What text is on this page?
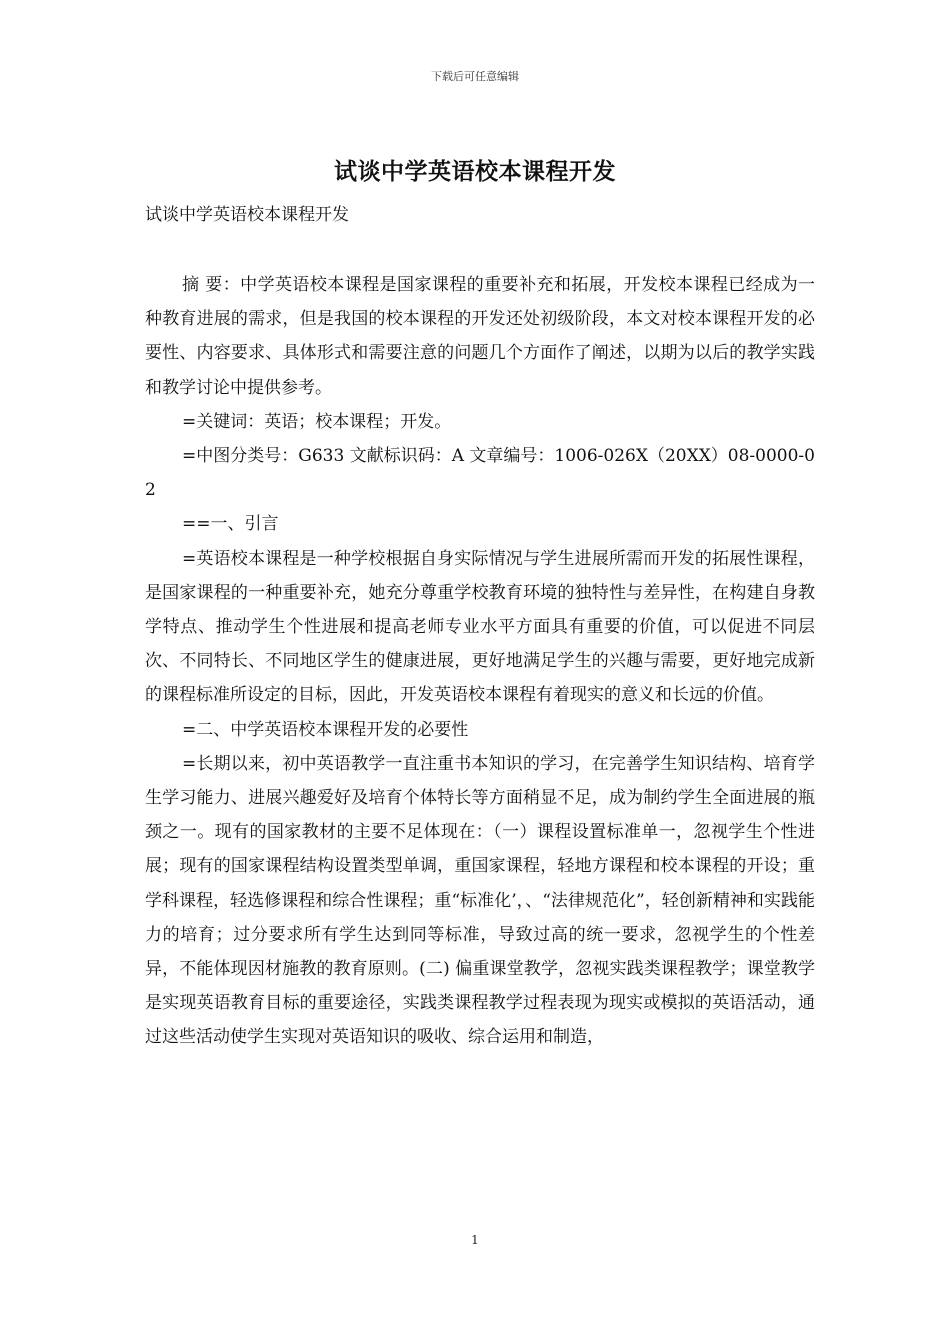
下载后可任意编辑
试谈中学英语校本课程开发
试谈中学英语校本课程开发

摘 要：中学英语校本课程是国家课程的重要补充和拓展，开发校本课程已经成为一种教育进展的需求，但是我国的校本课程的开发还处初级阶段，本文对校本课程开发的必要性、内容要求、具体形式和需要注意的问题几个方面作了阐述，以期为以后的教学实践和教学讨论中提供参考。

=关键词：英语；校本课程；开发。

=中图分类号：G633 文献标识码：A 文章编号：1006-026X（20XX）08-0000-02

==一、引言

=英语校本课程是一种学校根据自身实际情况与学生进展所需而开发的拓展性课程，是国家课程的一种重要补充，她充分尊重学校教育环境的独特性与差异性，在构建自身教学特点、推动学生个性进展和提高老师专业水平方面具有重要的价值，可以促进不同层次、不同特长、不同地区学生的健康进展，更好地满足学生的兴趣与需要，更好地完成新的课程标准所设定的目标，因此，开发英语校本课程有着现实的意义和长远的价值。

=二、中学英语校本课程开发的必要性

=长期以来，初中英语教学一直注重书本知识的学习，在完善学生知识结构、培育学生学习能力、进展兴趣爱好及培育个体特长等方面稍显不足，成为制约学生全面进展的瓶颈之一。现有的国家教材的主要不足体现在：（一）课程设置标准单一，忽视学生个性进展；现有的国家课程结构设置类型单调，重国家课程，轻地方课程和校本课程的开设；重学科课程，轻选修课程和综合性课程；重“标准化’，、“法律规范化”，轻创新精神和实践能力的培育；过分要求所有学生达到同等标准，导致过高的统一要求，忽视学生的个性差异，不能体现因材施教的教育原则。(二) 偏重课堂教学，忽视实践类课程教学；课堂教学是实现英语教育目标的重要途径，实践类课程教学过程表现为现实或模拟的英语活动，通过这些活动使学生实现对英语知识的吸收、综合运用和制造，

1
